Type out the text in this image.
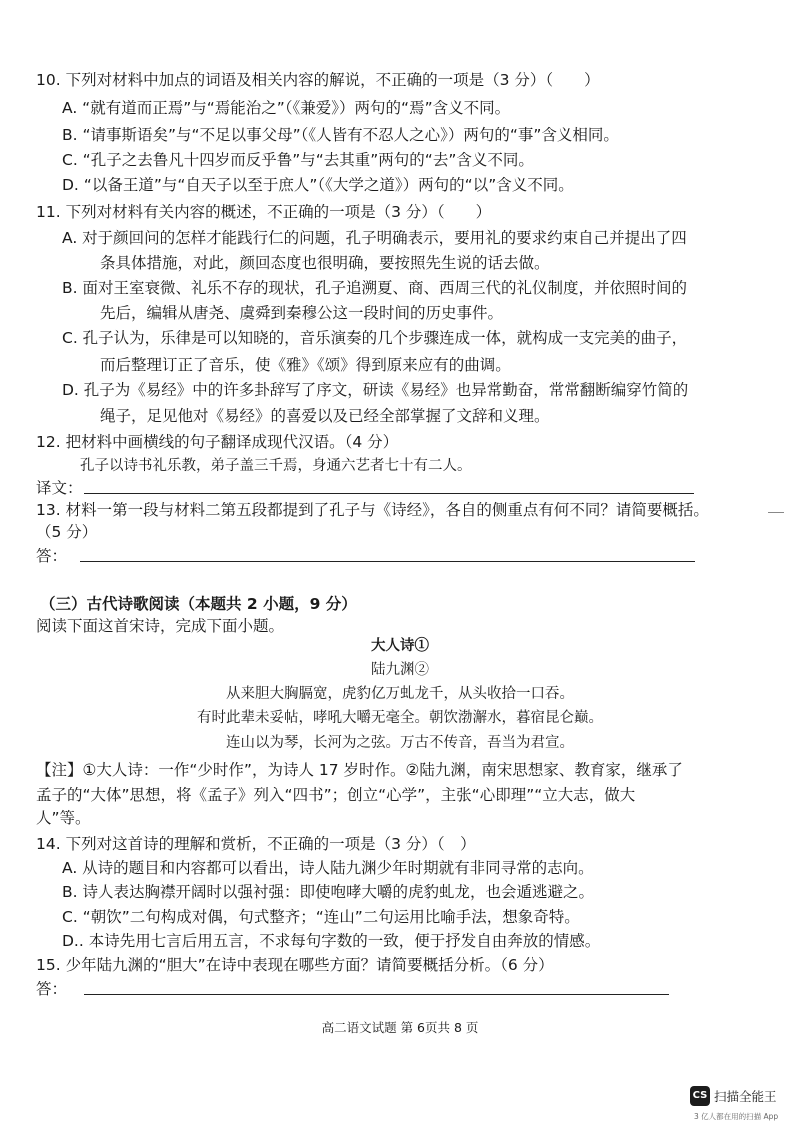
10. 下列对材料中加点的词语及相关内容的解说，不正确的一项是（3 分）（　　）
A. “就有道而正焉”与“焉能治之”（《兼爱》）两句的“焉”含义不同。
B. “请事斯语矣”与“不足以事父母”（《人皆有不忍人之心》）两句的“事”含义相同。
C. “孔子之去鲁凡十四岁而反乎鲁”与“去其重”两句的“去”含义不同。
D. “以备王道”与“自天子以至于庶人”（《大学之道》）两句的“以”含义不同。
11. 下列对材料有关内容的概述，不正确的一项是（3 分）（　　）
A. 对于颜回问的怎样才能践行仁的问题，孔子明确表示，要用礼的要求约束自己并提出了四
条具体措施，对此，颜回态度也很明确，要按照先生说的话去做。
B. 面对王室衰微、礼乐不存的现状，孔子追溯夏、商、西周三代的礼仪制度，并依照时间的
先后，编辑从唐尧、虞舜到秦穆公这一段时间的历史事件。
C. 孔子认为，乐律是可以知晓的，音乐演奏的几个步骤连成一体，就构成一支完美的曲子，
而后整理订正了音乐，使《雅》《颂》得到原来应有的曲调。
D. 孔子为《易经》中的许多卦辞写了序文，研读《易经》也异常勤奋，常常翻断编穿竹简的
绳子，足见他对《易经》的喜爱以及已经全部掌握了文辞和义理。
12. 把材料中画横线的句子翻译成现代汉语。（4 分）
孔子以诗书礼乐教，弟子盖三千焉，身通六艺者七十有二人。
译文：
13. 材料一第一段与材料二第五段都提到了孔子与《诗经》，各自的侧重点有何不同？请简要概括。
（5 分）
答：
（三）古代诗歌阅读（本题共 2 小题，9 分）
阅读下面这首宋诗，完成下面小题。
大人诗①
陆九渊②
从来胆大胸膈宽，虎豹亿万虬龙千，从头收拾一口吞。
有时此辈未妥帖，哮吼大嚼无毫全。朝饮渤澥水，暮宿昆仑巅。
连山以为琴，长河为之弦。万古不传音，吾当为君宣。
【注】①大人诗：一作“少时作”，为诗人 17 岁时作。②陆九渊，南宋思想家、教育家，继承了
孟子的“大体”思想，将《孟子》列入“四书”；创立“心学”，主张“心即理”“立大志，做大
人”等。
14. 下列对这首诗的理解和赏析，不正确的一项是（3 分）（　）
A. 从诗的题目和内容都可以看出，诗人陆九渊少年时期就有非同寻常的志向。
B. 诗人表达胸襟开阔时以强衬强：即使咆哮大嚼的虎豹虬龙，也会遁逃避之。
C. “朝饮”二句构成对偶，句式整齐；“连山”二句运用比喻手法，想象奇特。
D.. 本诗先用七言后用五言，不求每句字数的一致，便于抒发自由奔放的情感。
15. 少年陆九渊的“胆大”在诗中表现在哪些方面？请简要概括分析。（6 分）
答：
高二语文试题 第 6页共 8 页
CS 扫描全能王
3 亿人都在用的扫描 App
